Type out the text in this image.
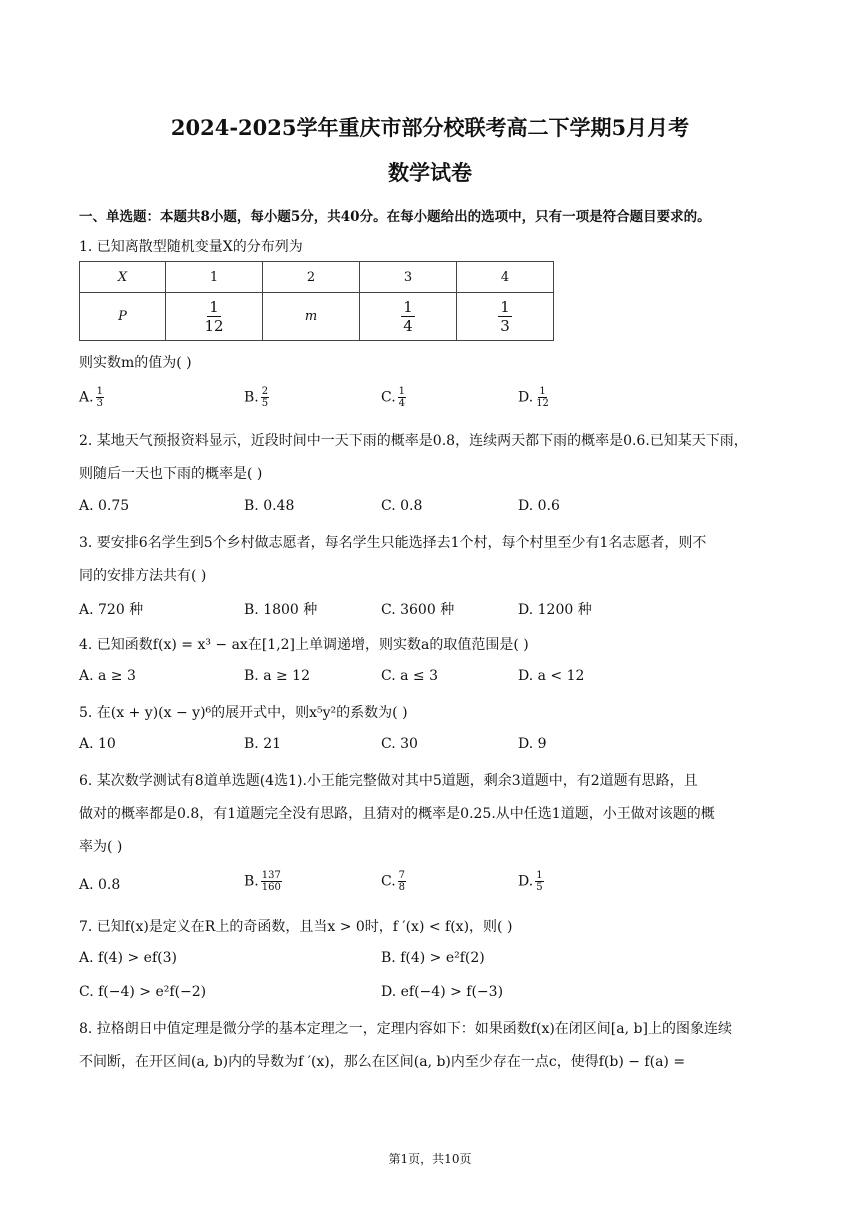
2024-2025学年重庆市部分校联考高二下学期5月月考
数学试卷
一、单选题：本题共8小题，每小题5分，共40分。在每小题给出的选项中，只有一项是符合题目要求的。
1. 已知离散型随机变量X的分布列为
X	1	2	3	4
P	$\frac{1}{12}$	m	$\frac{1}{4}$	$\frac{1}{3}$
则实数m的值为( )
A. $\frac{1}{3}$	B. $\frac{2}{5}$	C. $\frac{1}{4}$	D. $\frac{1}{12}$
2. 某地天气预报资料显示，近段时间中一天下雨的概率是0.8，连续两天都下雨的概率是0.6.已知某天下雨，
则随后一天也下雨的概率是( )
A. 0.75	B. 0.48	C. 0.8	D. 0.6
3. 要安排6名学生到5个乡村做志愿者，每名学生只能选择去1个村，每个村里至少有1名志愿者，则不
同的安排方法共有( )
A. 720 种	B. 1800 种	C. 3600 种	D. 1200 种
4. 已知函数f(x) = x³ − ax在[1,2]上单调递增，则实数a的取值范围是( )
A. a ≥ 3	B. a ≥ 12	C. a ≤ 3	D. a < 12
5. 在(x + y)(x − y)⁶的展开式中，则x⁵y²的系数为( )
A. 10	B. 21	C. 30	D. 9
6. 某次数学测试有8道单选题(4选1).小王能完整做对其中5道题，剩余3道题中，有2道题有思路，且
做对的概率都是0.8，有1道题完全没有思路，且猜对的概率是0.25.从中任选1道题，小王做对该题的概
率为( )
A. 0.8	B. $\frac{137}{160}$	C. $\frac{7}{8}$	D. $\frac{1}{5}$
7. 已知f(x)是定义在R上的奇函数，且当x > 0时，f ′(x) < f(x)，则( )
A. f(4) > ef(3)	B. f(4) > e²f(2)
C. f(−4) > e²f(−2)	D. ef(−4) > f(−3)
8. 拉格朗日中值定理是微分学的基本定理之一，定理内容如下：如果函数f(x)在闭区间[a, b]上的图象连续
不间断，在开区间(a, b)内的导数为f ′(x)，那么在区间(a, b)内至少存在一点c，使得f(b) − f(a) =
第1页，共10页
